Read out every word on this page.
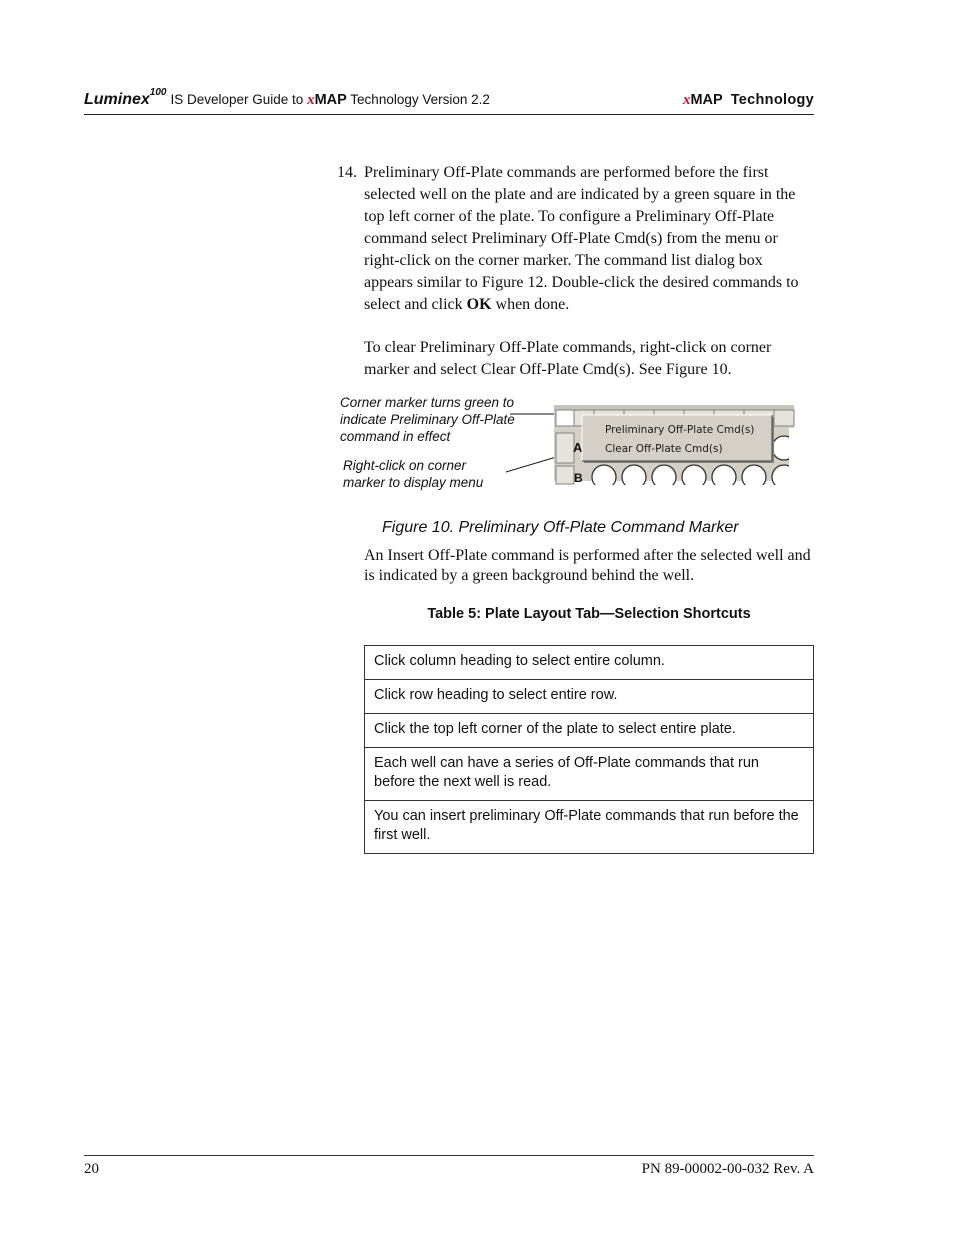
Luminex$^{100}$ IS Developer Guide to xMAP Technology Version 2.2	xMAP Technology
14. Preliminary Off-Plate commands are performed before the first selected well on the plate and are indicated by a green square in the top left corner of the plate. To configure a Preliminary Off-Plate command select Preliminary Off-Plate Cmd(s) from the menu or right-click on the corner marker. The command list dialog box appears similar to Figure 12. Double-click the desired commands to select and click OK when done.
To clear Preliminary Off-Plate commands, right-click on corner marker and select Clear Off-Plate Cmd(s). See Figure 10.
Corner marker turns green to indicate Preliminary Off-Plate command in effect
Right-click on corner marker to display menu
A
B
Preliminary Off-Plate Cmd(s)
Clear Off-Plate Cmd(s)
Figure 10. Preliminary Off-Plate Command Marker
An Insert Off-Plate command is performed after the selected well and is indicated by a green background behind the well.
Table 5: Plate Layout Tab—Selection Shortcuts
Click column heading to select entire column.
Click row heading to select entire row.
Click the top left corner of the plate to select entire plate.
Each well can have a series of Off-Plate commands that run before the next well is read.
You can insert preliminary Off-Plate commands that run before the first well.
20	PN 89-00002-00-032 Rev. A
